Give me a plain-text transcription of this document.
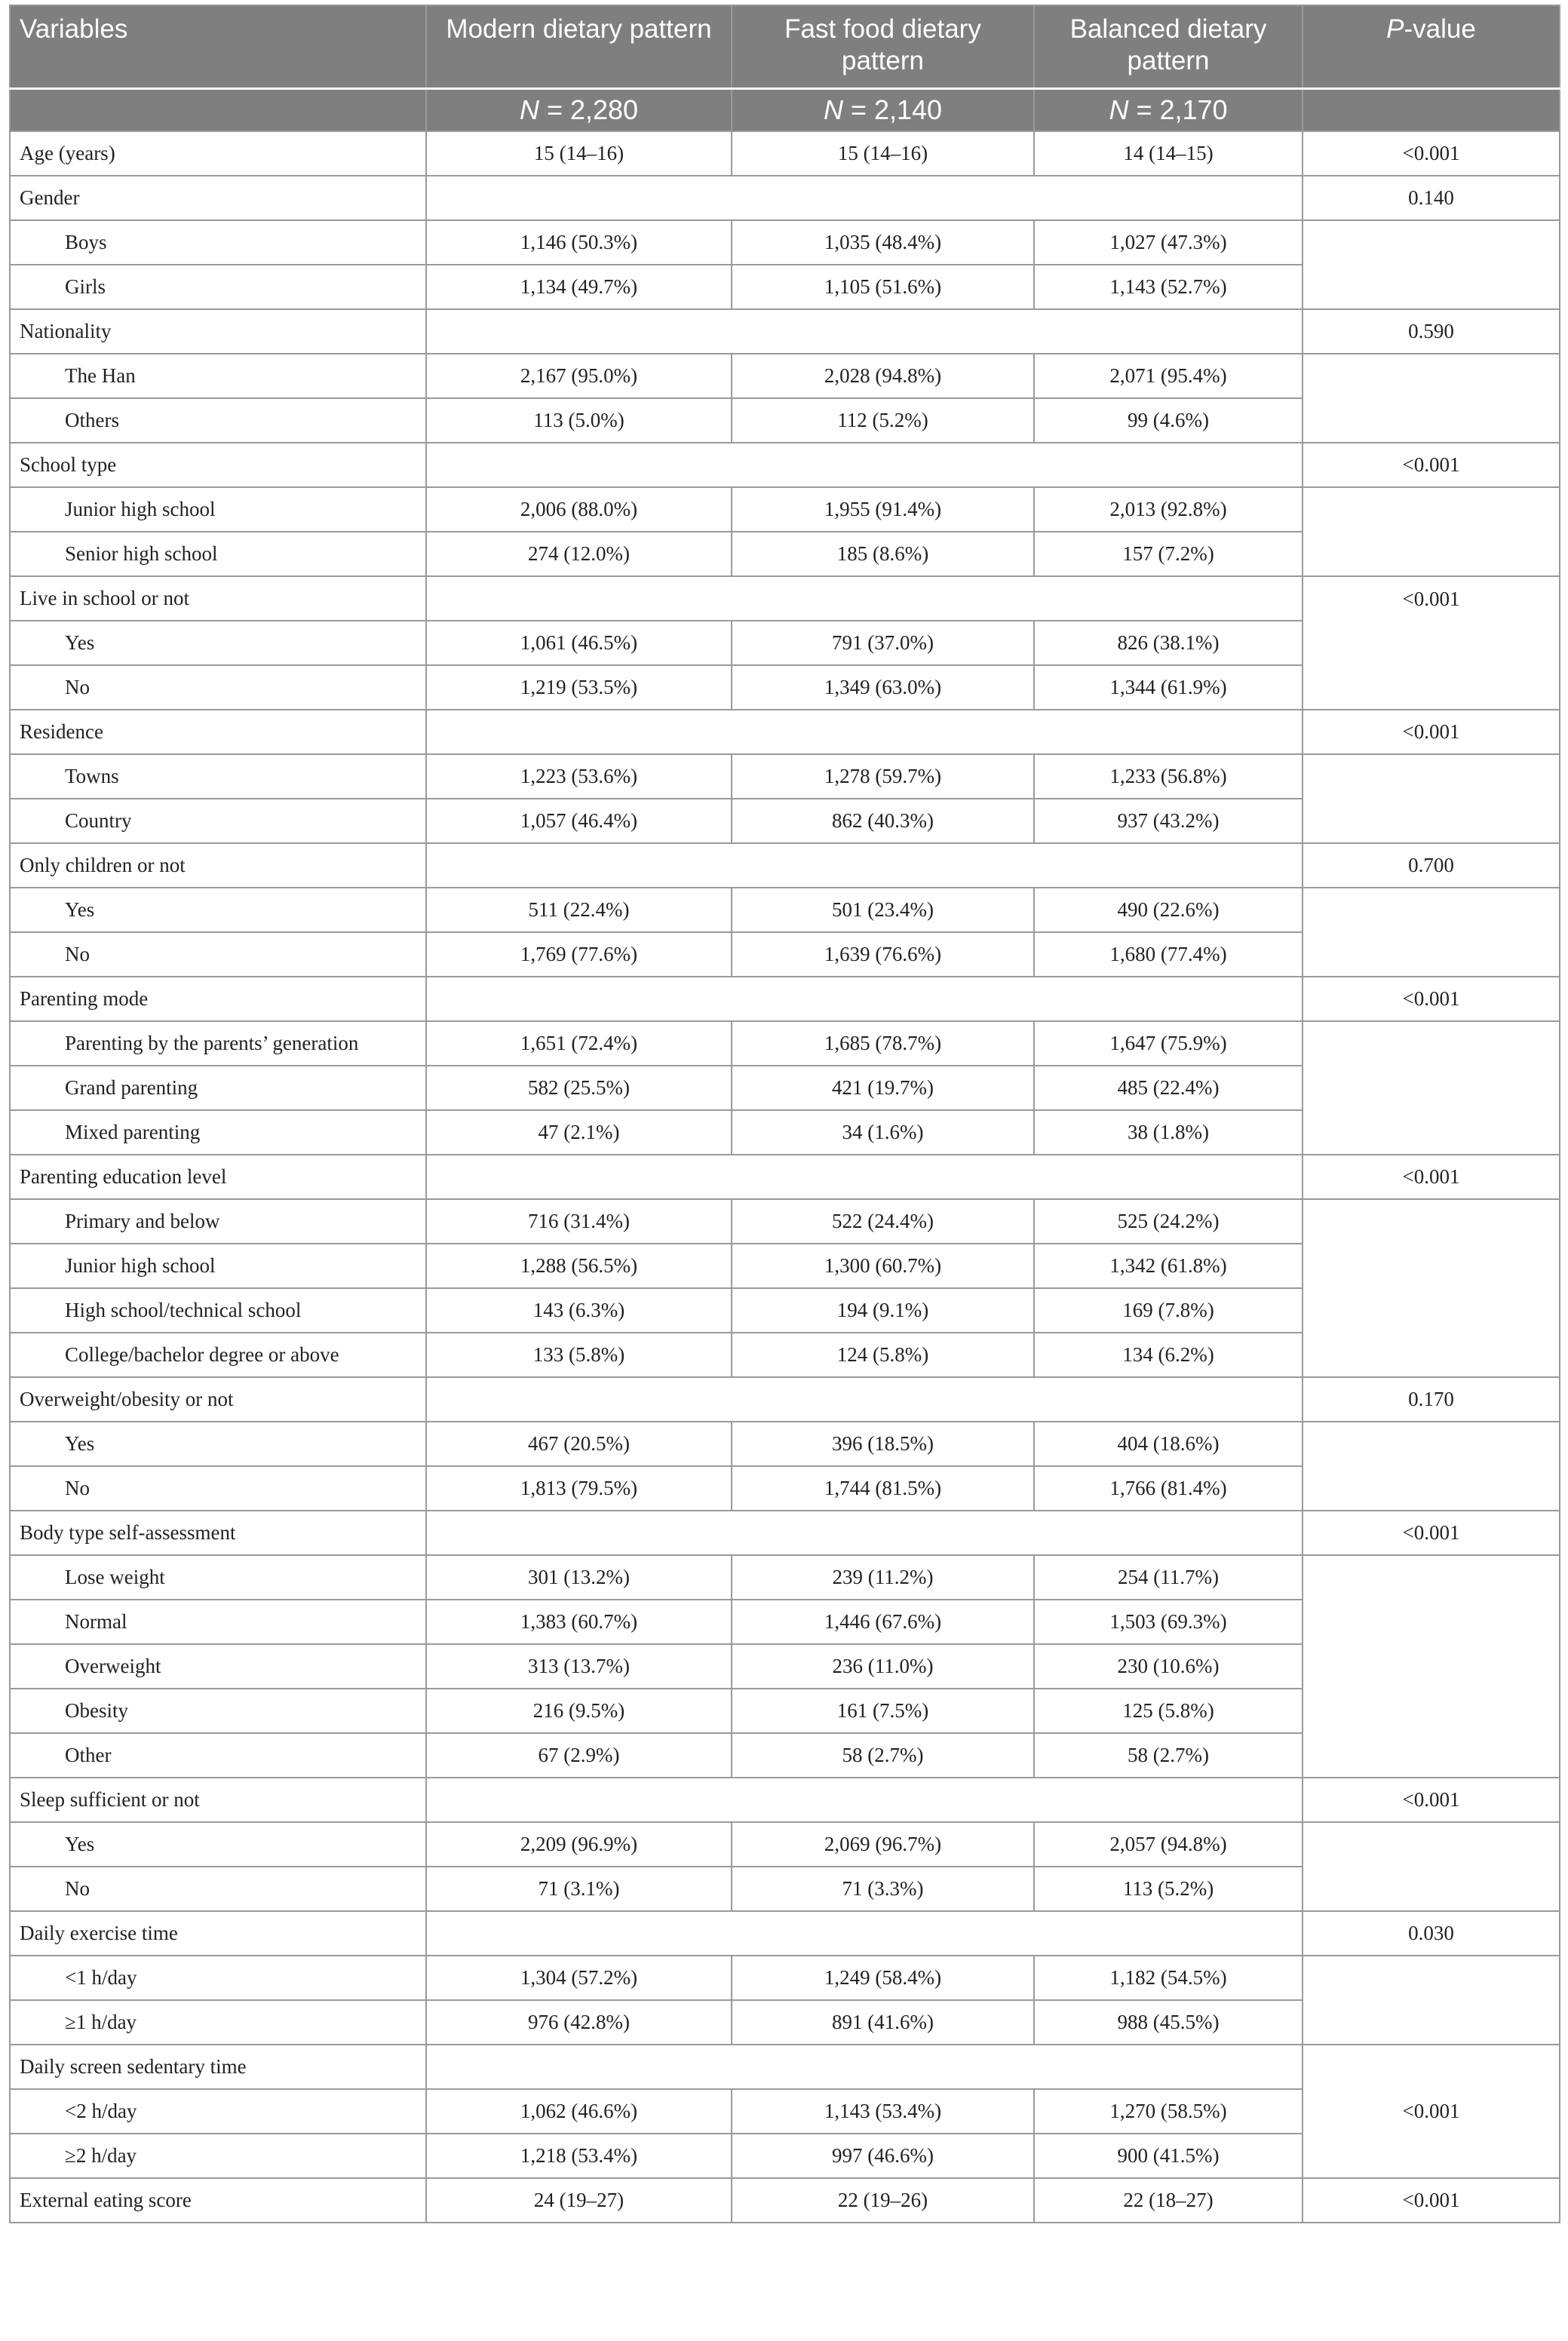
Variables	Modern dietary pattern	Fast food dietary pattern	Balanced dietary pattern	P-value
	N = 2,280	N = 2,140	N = 2,170	
Age (years)	15 (14–16)	15 (14–16)	14 (14–15)	<0.001
Gender				0.140
Boys	1,146 (50.3%)	1,035 (48.4%)	1,027 (47.3%)	
Girls	1,134 (49.7%)	1,105 (51.6%)	1,143 (52.7%)	
Nationality				0.590
The Han	2,167 (95.0%)	2,028 (94.8%)	2,071 (95.4%)	
Others	113 (5.0%)	112 (5.2%)	99 (4.6%)	
School type				<0.001
Junior high school	2,006 (88.0%)	1,955 (91.4%)	2,013 (92.8%)	
Senior high school	274 (12.0%)	185 (8.6%)	157 (7.2%)	
Live in school or not				<0.001
Yes	1,061 (46.5%)	791 (37.0%)	826 (38.1%)	
No	1,219 (53.5%)	1,349 (63.0%)	1,344 (61.9%)	
Residence				<0.001
Towns	1,223 (53.6%)	1,278 (59.7%)	1,233 (56.8%)	
Country	1,057 (46.4%)	862 (40.3%)	937 (43.2%)	
Only children or not				0.700
Yes	511 (22.4%)	501 (23.4%)	490 (22.6%)	
No	1,769 (77.6%)	1,639 (76.6%)	1,680 (77.4%)	
Parenting mode				<0.001
Parenting by the parents’ generation	1,651 (72.4%)	1,685 (78.7%)	1,647 (75.9%)	
Grand parenting	582 (25.5%)	421 (19.7%)	485 (22.4%)	
Mixed parenting	47 (2.1%)	34 (1.6%)	38 (1.8%)	
Parenting education level				<0.001
Primary and below	716 (31.4%)	522 (24.4%)	525 (24.2%)	
Junior high school	1,288 (56.5%)	1,300 (60.7%)	1,342 (61.8%)	
High school/technical school	143 (6.3%)	194 (9.1%)	169 (7.8%)	
College/bachelor degree or above	133 (5.8%)	124 (5.8%)	134 (6.2%)	
Overweight/obesity or not				0.170
Yes	467 (20.5%)	396 (18.5%)	404 (18.6%)	
No	1,813 (79.5%)	1,744 (81.5%)	1,766 (81.4%)	
Body type self-assessment				<0.001
Lose weight	301 (13.2%)	239 (11.2%)	254 (11.7%)	
Normal	1,383 (60.7%)	1,446 (67.6%)	1,503 (69.3%)	
Overweight	313 (13.7%)	236 (11.0%)	230 (10.6%)	
Obesity	216 (9.5%)	161 (7.5%)	125 (5.8%)	
Other	67 (2.9%)	58 (2.7%)	58 (2.7%)	
Sleep sufficient or not				<0.001
Yes	2,209 (96.9%)	2,069 (96.7%)	2,057 (94.8%)	
No	71 (3.1%)	71 (3.3%)	113 (5.2%)	
Daily exercise time				0.030
<1 h/day	1,304 (57.2%)	1,249 (58.4%)	1,182 (54.5%)	
≥1 h/day	976 (42.8%)	891 (41.6%)	988 (45.5%)	
Daily screen sedentary time				<0.001
<2 h/day	1,062 (46.6%)	1,143 (53.4%)	1,270 (58.5%)	
≥2 h/day	1,218 (53.4%)	997 (46.6%)	900 (41.5%)	
External eating score	24 (19–27)	22 (19–26)	22 (18–27)	<0.001
